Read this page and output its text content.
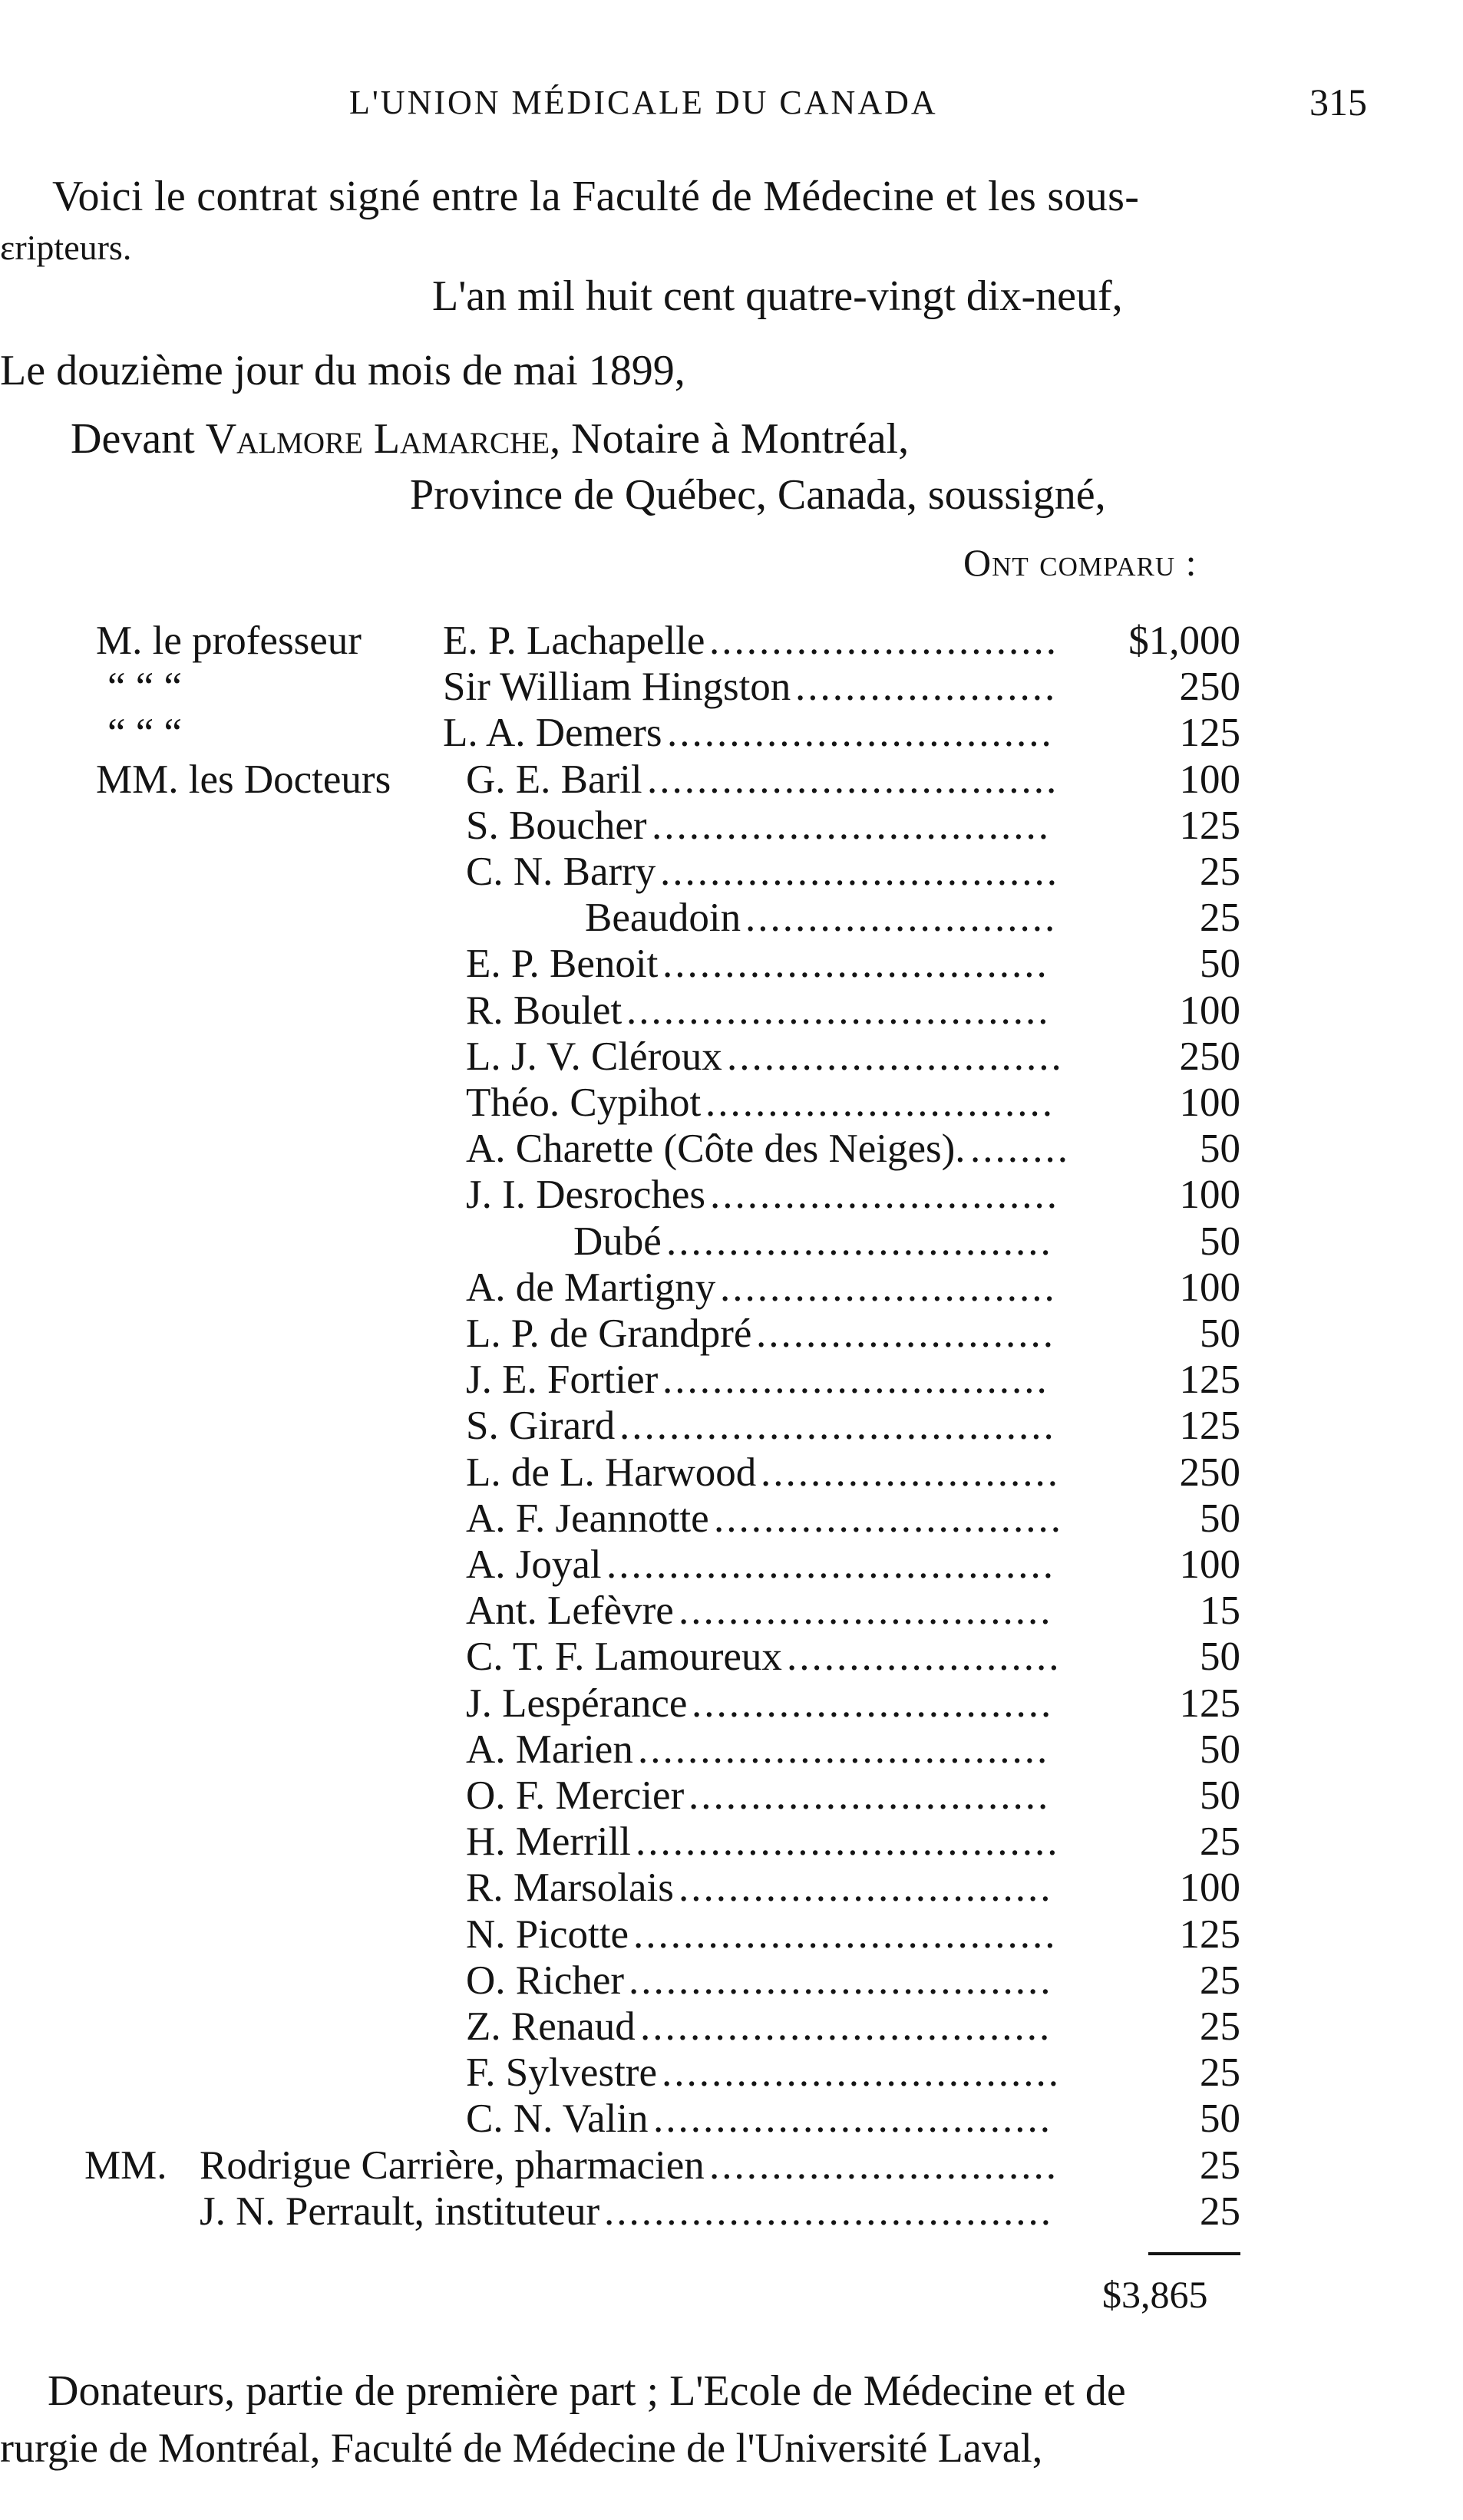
L'UNION MÉDICALE DU CANADA	315
Voici le contrat signé entre la Faculté de Médecine et les sous-
ɛripteurs.
L'an mil huit cent quatre-vingt dix-neuf,
Le douzième jour du mois de mai 1899,
Devant Valmore Lamarche, Notaire à Montréal,
Province de Québec, Canada, soussigné,
Ont comparu :
M. le professeur E. P. Lachapelle ............................	$1,000
“ “ “	Sir William Hingston .....................	250
“ “ “	L. A. Demers ...............................	125
MM. les Docteurs G. E. Baril .................................	100
S. Boucher ................................	125
C. N. Barry ................................	25
Beaudoin .........................	25
E. P. Benoit ...............................	50
R. Boulet ..................................	100
L. J. V. Cléroux ...........................	250
Théo. Cypihot ............................	100
A. Charette (Côte des Neiges). ........	50
J. I. Desroches ............................	100
Dubé ...............................	50
A. de Martigny ...........................	100
L. P. de Grandpré ........................	50
J. E. Fortier ...............................	125
S. Girard ...................................	125
L. de L. Harwood ........................	250
A. F. Jeannotte ............................	50
A. Joyal ....................................	100
Ant. Lefèvre ..............................	15
C. T. F. Lamoureux ......................	50
J. Lespérance .............................	125
A. Marien .................................	50
O. F. Mercier .............................	50
H. Merrill ..................................	25
R. Marsolais ..............................	100
N. Picotte ..................................	125
O. Richer ..................................	25
Z. Renaud .................................	25
F. Sylvestre ................................	25
C. N. Valin ................................	50
MM. Rodrigue Carrière, pharmacien ............................	25
J. N. Perrault, instituteur ....................................	25
$3,865
Donateurs, partie de première part ; L'Ecole de Médecine et de
rurgie de Montréal, Faculté de Médecine de l'Université Laval,
